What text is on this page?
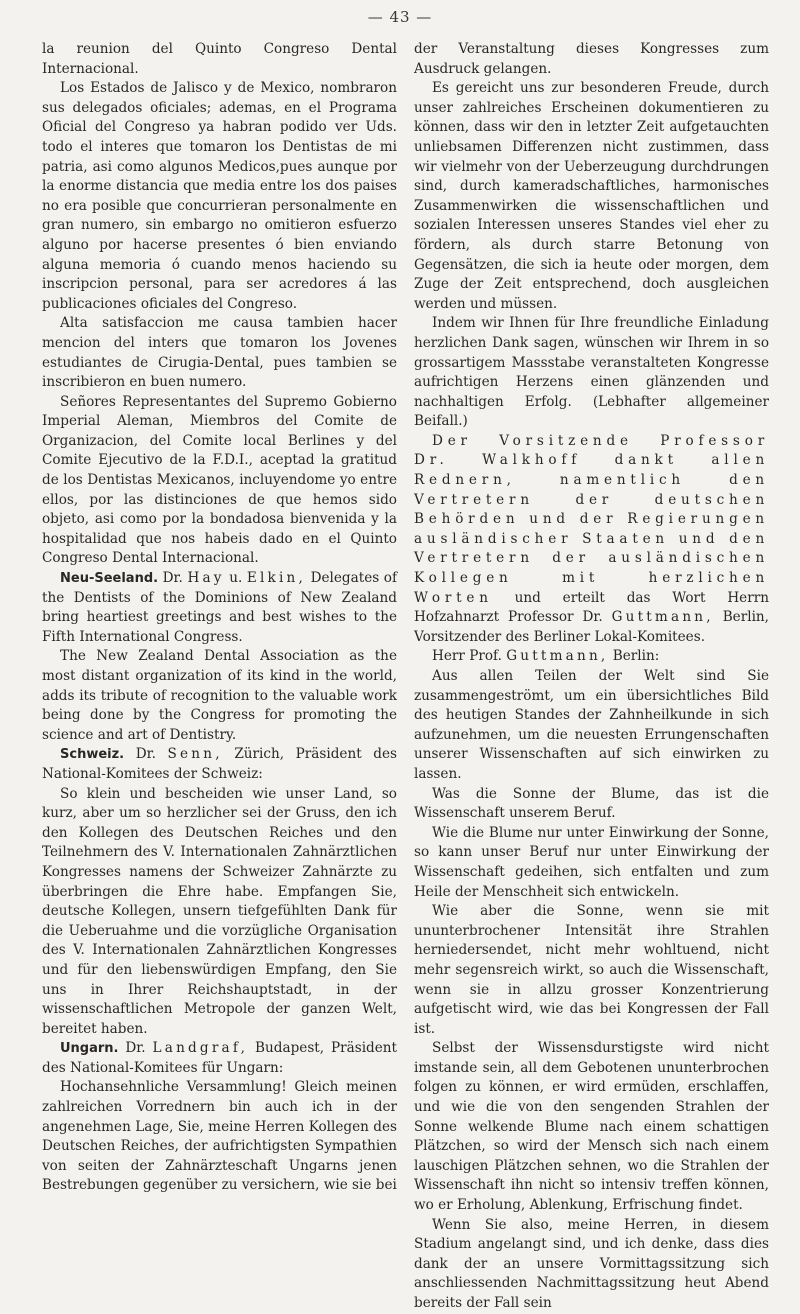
— 43 —

la reunion del Quinto Congreso Dental Internacional.

Los Estados de Jalisco y de Mexico, nombraron sus delegados oficiales; ademas, en el Programa Oficial del Congreso ya habran podido ver Uds. todo el interes que tomaron los Dentistas de mi patria, asi como algunos Medicos,pues aunque por la enorme distancia que media entre los dos paises no era posible que concurrieran personalmente en gran numero, sin embargo no omitieron esfuerzo alguno por hacerse presentes ó bien enviando alguna memoria ó cuando menos haciendo su inscripcion personal, para ser acredores á las publicaciones oficiales del Congreso.

Alta satisfaccion me causa tambien hacer mencion del inters que tomaron los Jovenes estudiantes de Cirugia-Dental, pues tambien se inscribieron en buen numero.

Señores Representantes del Supremo Gobierno Imperial Aleman, Miembros del Comite de Organizacion, del Comite local Berlines y del Comite Ejecutivo de la F.D.I., aceptad la gratitud de los Dentistas Mexicanos, incluyendome yo entre ellos, por las distinciones de que hemos sido objeto, asi como por la bondadosa bienvenida y la hospitalidad que nos habeis dado en el Quinto Congreso Dental Internacional.

Neu-Seeland. Dr. Hay u. Elkin, Delegates of the Dentists of the Dominions of New Zealand bring heartiest greetings and best wishes to the Fifth International Congress.

The New Zealand Dental Association as the most distant organization of its kind in the world, adds its tribute of recognition to the valuable work being done by the Congress for promoting the science and art of Dentistry.

Schweiz. Dr. Senn, Zürich, Präsident des National-Komitees der Schweiz:

So klein und bescheiden wie unser Land, so kurz, aber um so herzlicher sei der Gruss, den ich den Kollegen des Deutschen Reiches und den Teilnehmern des V. Internationalen Zahnärztlichen Kongresses namens der Schweizer Zahnärzte zu überbringen die Ehre habe. Empfangen Sie, deutsche Kollegen, unsern tiefgefühlten Dank für die Ueberuahme und die vorzügliche Organisation des V. Internationalen Zahnärztlichen Kongresses und für den liebenswürdigen Empfang, den Sie uns in Ihrer Reichshauptstadt, in der wissenschaftlichen Metropole der ganzen Welt, bereitet haben.

Ungarn. Dr. Landgraf, Budapest, Präsident des National-Komitees für Ungarn:

Hochansehnliche Versammlung! Gleich meinen zahlreichen Vorrednern bin auch ich in der angenehmen Lage, Sie, meine Herren Kollegen des Deutschen Reiches, der aufrichtigsten Sympathien von seiten der Zahnärzteschaft Ungarns jenen Bestrebungen gegenüber zu versichern, wie sie bei

der Veranstaltung dieses Kongresses zum Ausdruck gelangen.

Es gereicht uns zur besonderen Freude, durch unser zahlreiches Erscheinen dokumentieren zu können, dass wir den in letzter Zeit aufgetauchten unliebsamen Differenzen nicht zustimmen, dass wir vielmehr von der Ueberzeugung durchdrungen sind, durch kameradschaftliches, harmonisches Zusammenwirken die wissenschaftlichen und sozialen Interessen unseres Standes viel eher zu fördern, als durch starre Betonung von Gegensätzen, die sich ia heute oder morgen, dem Zuge der Zeit entsprechend, doch ausgleichen werden und müssen.

Indem wir Ihnen für Ihre freundliche Einladung herzlichen Dank sagen, wünschen wir Ihrem in so grossartigem Massstabe veranstalteten Kongresse aufrichtigen Herzens einen glänzenden und nachhaltigen Erfolg. (Lebhafter allgemeiner Beifall.)

Der Vorsitzende Professor Dr. Walkhoff dankt allen Rednern, namentlich den Vertretern der deutschen Behörden und der Regierungen ausländischer Staaten und den Vertretern der ausländischen Kollegen mit herzlichen Worten und erteilt das Wort Herrn Hofzahnarzt Professor Dr. Guttmann, Berlin, Vorsitzender des Berliner Lokal-Komitees.

Herr Prof. Guttmann, Berlin:

Aus allen Teilen der Welt sind Sie zusammengeströmt, um ein übersichtliches Bild des heutigen Standes der Zahnheilkunde in sich aufzunehmen, um die neuesten Errungenschaften unserer Wissenschaften auf sich einwirken zu lassen.

Was die Sonne der Blume, das ist die Wissenschaft unserem Beruf.

Wie die Blume nur unter Einwirkung der Sonne, so kann unser Beruf nur unter Einwirkung der Wissenschaft gedeihen, sich entfalten und zum Heile der Menschheit sich entwickeln.

Wie aber die Sonne, wenn sie mit ununterbrochener Intensität ihre Strahlen herniedersendet, nicht mehr wohltuend, nicht mehr segensreich wirkt, so auch die Wissenschaft, wenn sie in allzu grosser Konzentrierung aufgetischt wird, wie das bei Kongressen der Fall ist.

Selbst der Wissensdurstigste wird nicht imstande sein, all dem Gebotenen ununterbrochen folgen zu können, er wird ermüden, erschlaffen, und wie die von den sengenden Strahlen der Sonne welkende Blume nach einem schattigen Plätzchen, so wird der Mensch sich nach einem lauschigen Plätzchen sehnen, wo die Strahlen der Wissenschaft ihn nicht so intensiv treffen können, wo er Erholung, Ablenkung, Erfrischung findet.

Wenn Sie also, meine Herren, in diesem Stadium angelangt sind, und ich denke, dass dies dank der an unsere Vormittagssitzung sich anschliessenden Nachmittagssitzung heut Abend bereits der Fall sein
